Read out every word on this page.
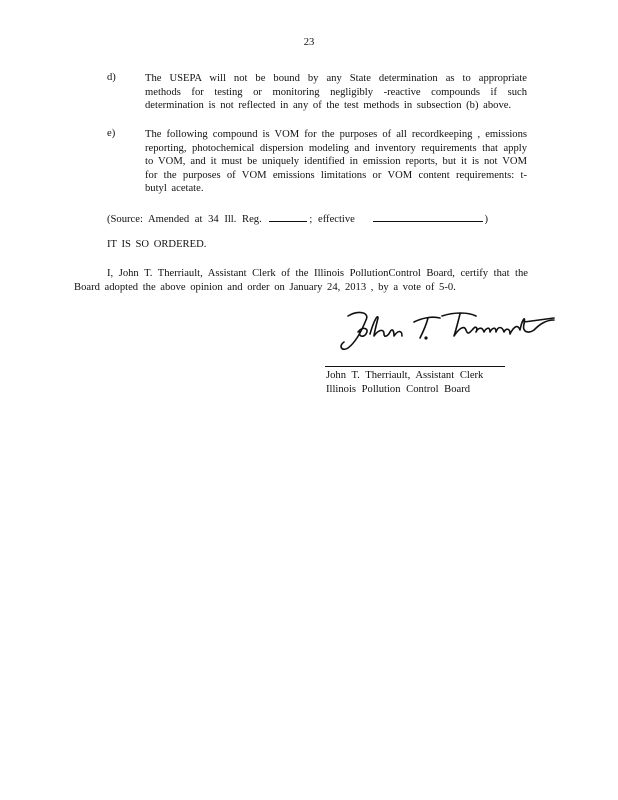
23
d)	The USEPA will not be bound by any State determination as to appropriate methods for testing or monitoring negligibly -reactive compounds if such determination is not reflected in any of the test methods in subsection (b) above.
e)	The following compound is VOM for the purposes of all recordkeeping , emissions reporting, photochemical dispersion modeling and inventory requirements that apply to VOM, and it must be uniquely identified in emission reports, but it is not VOM for the purposes of VOM emissions limitations or VOM content requirements: t-butyl acetate.
(Source: Amended at 34 Ill. Reg.	; effective	)
IT IS SO ORDERED.
I, John T. Therriault, Assistant Clerk of the Illinois PollutionControl Board, certify that the Board adopted the above opinion and order on January 24, 2013 , by a vote of 5-0.
John T. Therriault, Assistant Clerk
Illinois Pollution Control Board
